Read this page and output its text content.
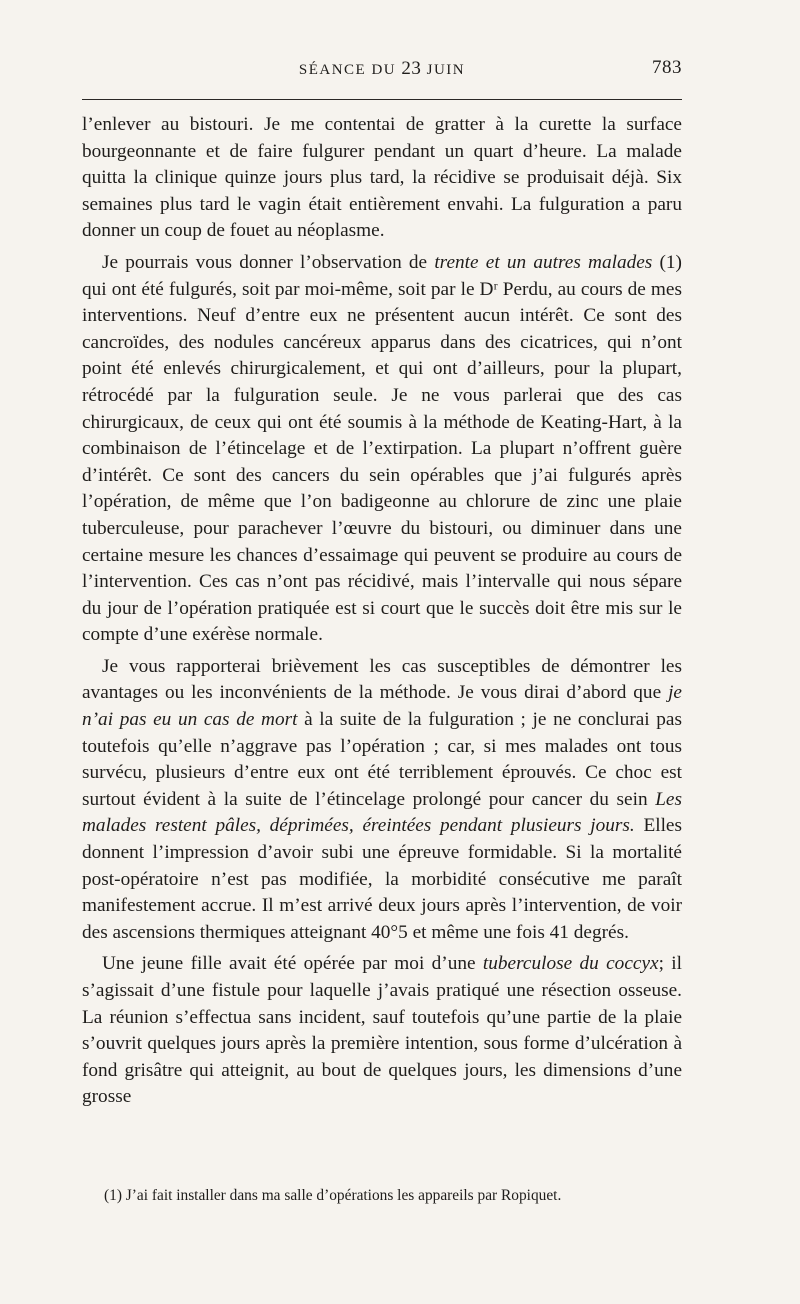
SÉANCE DU 23 JUIN	783

l’enlever au bistouri. Je me contentai de gratter à la curette la surface bourgeonnante et de faire fulgurer pendant un quart d’heure. La malade quitta la clinique quinze jours plus tard, la récidive se produisait déjà. Six semaines plus tard le vagin était entièrement envahi. La fulguration a paru donner un coup de fouet au néoplasme.

Je pourrais vous donner l’observation de trente et un autres malades (1) qui ont été fulgurés, soit par moi-même, soit par le Dʳ Perdu, au cours de mes interventions. Neuf d’entre eux ne présentent aucun intérêt. Ce sont des cancroïdes, des nodules cancéreux apparus dans des cicatrices, qui n’ont point été enlevés chirurgicalement, et qui ont d’ailleurs, pour la plupart, rétrocédé par la fulguration seule. Je ne vous parlerai que des cas chirurgicaux, de ceux qui ont été soumis à la méthode de Keating-Hart, à la combinaison de l’étincelage et de l’extirpation. La plupart n’offrent guère d’intérêt. Ce sont des cancers du sein opérables que j’ai fulgurés après l’opération, de même que l’on badigeonne au chlorure de zinc une plaie tuberculeuse, pour parachever l’œuvre du bistouri, ou diminuer dans une certaine mesure les chances d’essaimage qui peuvent se produire au cours de l’intervention. Ces cas n’ont pas récidivé, mais l’intervalle qui nous sépare du jour de l’opération pratiquée est si court que le succès doit être mis sur le compte d’une exérèse normale.

Je vous rapporterai brièvement les cas susceptibles de démontrer les avantages ou les inconvénients de la méthode. Je vous dirai d’abord que je n’ai pas eu un cas de mort à la suite de la fulguration ; je ne conclurai pas toutefois qu’elle n’aggrave pas l’opération ; car, si mes malades ont tous survécu, plusieurs d’entre eux ont été terriblement éprouvés. Ce choc est surtout évident à la suite de l’étincelage prolongé pour cancer du sein Les malades restent pâles, déprimées, éreintées pendant plusieurs jours. Elles donnent l’impression d’avoir subi une épreuve formidable. Si la mortalité post-opératoire n’est pas modifiée, la morbidité consécutive me paraît manifestement accrue. Il m’est arrivé deux jours après l’intervention, de voir des ascensions thermiques atteignant 40°5 et même une fois 41 degrés.

Une jeune fille avait été opérée par moi d’une tuberculose du coccyx; il s’agissait d’une fistule pour laquelle j’avais pratiqué une résection osseuse. La réunion s’effectua sans incident, sauf toutefois qu’une partie de la plaie s’ouvrit quelques jours après la première intention, sous forme d’ulcération à fond grisâtre qui atteignit, au bout de quelques jours, les dimensions d’une grosse

(1) J’ai fait installer dans ma salle d’opérations les appareils par Ropiquet.
